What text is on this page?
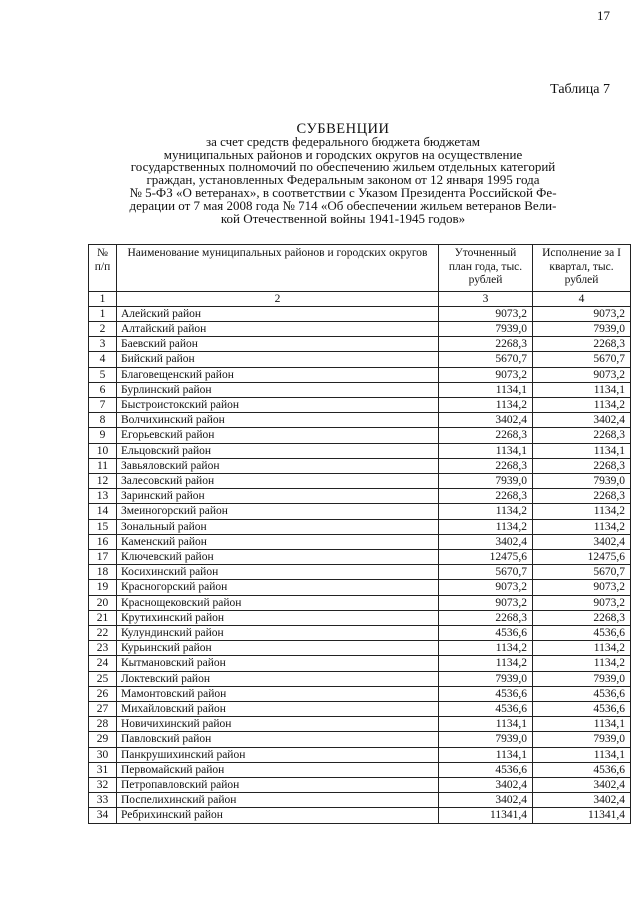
17
Таблица 7
СУБВЕНЦИИ
за счет средств федерального бюджета бюджетам
муниципальных районов и городских округов на осуществление
государственных полномочий по обеспечению жильем отдельных категорий
граждан, установленных Федеральным законом от 12 января 1995 года
№ 5-ФЗ «О ветеранах», в соответствии с Указом Президента Российской Фе-
дерации от 7 мая 2008 года № 714 «Об обеспечении жильем ветеранов Вели-
кой Отечественной войны 1941-1945 годов»
№ п/п	Наименование муниципальных районов и городских округов	Уточненный план года, тыс. рублей	Исполнение за I квартал, тыс. рублей
1	2	3	4
1	Алейский район	9073,2	9073,2
2	Алтайский район	7939,0	7939,0
3	Баевский район	2268,3	2268,3
4	Бийский район	5670,7	5670,7
5	Благовещенский район	9073,2	9073,2
6	Бурлинский район	1134,1	1134,1
7	Быстроистокский район	1134,2	1134,2
8	Волчихинский район	3402,4	3402,4
9	Егорьевский район	2268,3	2268,3
10	Ельцовский район	1134,1	1134,1
11	Завьяловский район	2268,3	2268,3
12	Залесовский район	7939,0	7939,0
13	Заринский район	2268,3	2268,3
14	Змеиногорский район	1134,2	1134,2
15	Зональный район	1134,2	1134,2
16	Каменский район	3402,4	3402,4
17	Ключевский район	12475,6	12475,6
18	Косихинский район	5670,7	5670,7
19	Красногорский район	9073,2	9073,2
20	Краснощековский район	9073,2	9073,2
21	Крутихинский район	2268,3	2268,3
22	Кулундинский район	4536,6	4536,6
23	Курьинский район	1134,2	1134,2
24	Кытмановский район	1134,2	1134,2
25	Локтевский район	7939,0	7939,0
26	Мамонтовский район	4536,6	4536,6
27	Михайловский район	4536,6	4536,6
28	Новичихинский район	1134,1	1134,1
29	Павловский район	7939,0	7939,0
30	Панкрушихинский район	1134,1	1134,1
31	Первомайский район	4536,6	4536,6
32	Петропавловский район	3402,4	3402,4
33	Поспелихинский район	3402,4	3402,4
34	Ребрихинский район	11341,4	11341,4
